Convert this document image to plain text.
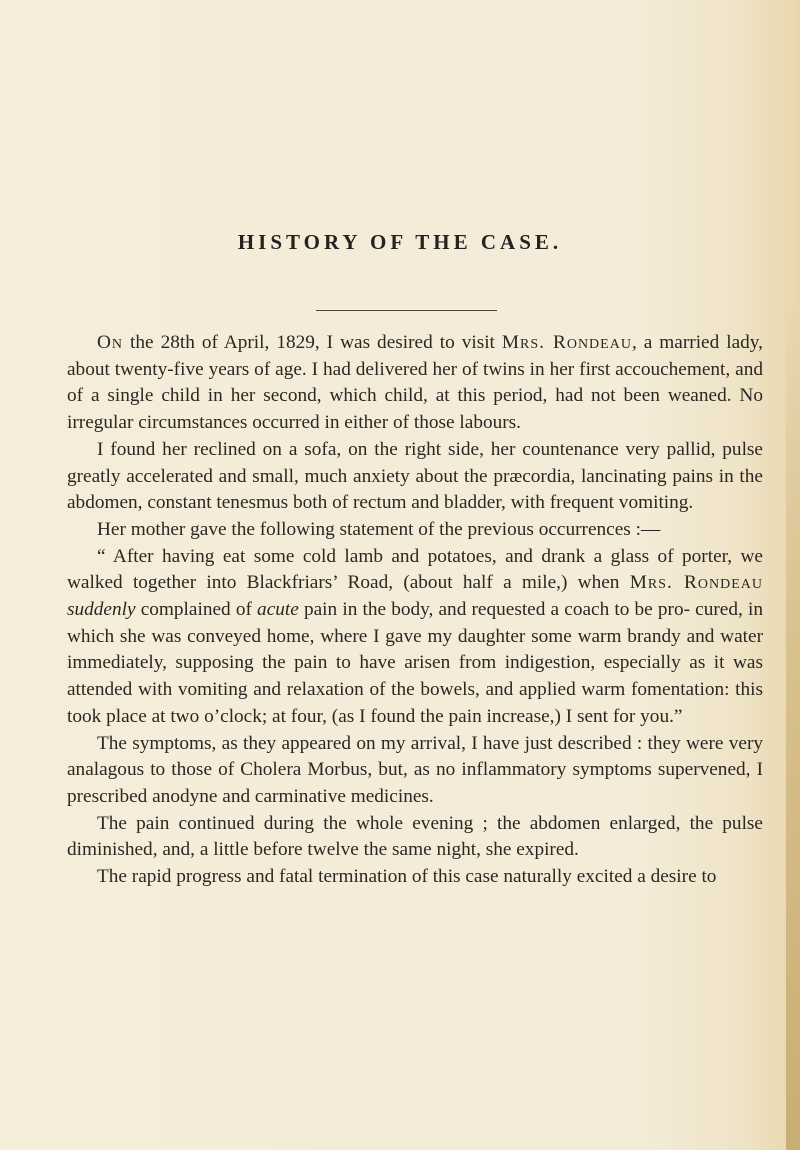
HISTORY OF THE CASE.

On the 28th of April, 1829, I was desired to visit Mrs. Rondeau, a married lady, about twenty-five years of age. I had delivered her of twins in her first accouchement, and of a single child in her second, which child, at this period, had not been weaned. No irregular circumstances occurred in either of those labours.

I found her reclined on a sofa, on the right side, her countenance very pallid, pulse greatly accelerated and small, much anxiety about the præcordia, lancinating pains in the abdomen, constant tenesmus both of rectum and bladder, with frequent vomiting.

Her mother gave the following statement of the previous occurrences :—

“ After having eat some cold lamb and potatoes, and drank a glass of porter, we walked together into Blackfriars’ Road, (about half a mile,) when Mrs. Rondeau suddenly complained of acute pain in the body, and requested a coach to be pro- cured, in which she was conveyed home, where I gave my daughter some warm brandy and water immediately, supposing the pain to have arisen from indigestion, especially as it was attended with vomiting and relaxation of the bowels, and applied warm fomentation: this took place at two o’clock; at four, (as I found the pain increase,) I sent for you.”

The symptoms, as they appeared on my arrival, I have just described : they were very analagous to those of Cholera Morbus, but, as no inflammatory symptoms supervened, I prescribed anodyne and carminative medicines.

The pain continued during the whole evening ; the abdomen enlarged, the pulse diminished, and, a little before twelve the same night, she expired.

The rapid progress and fatal termination of this case naturally excited a desire to
